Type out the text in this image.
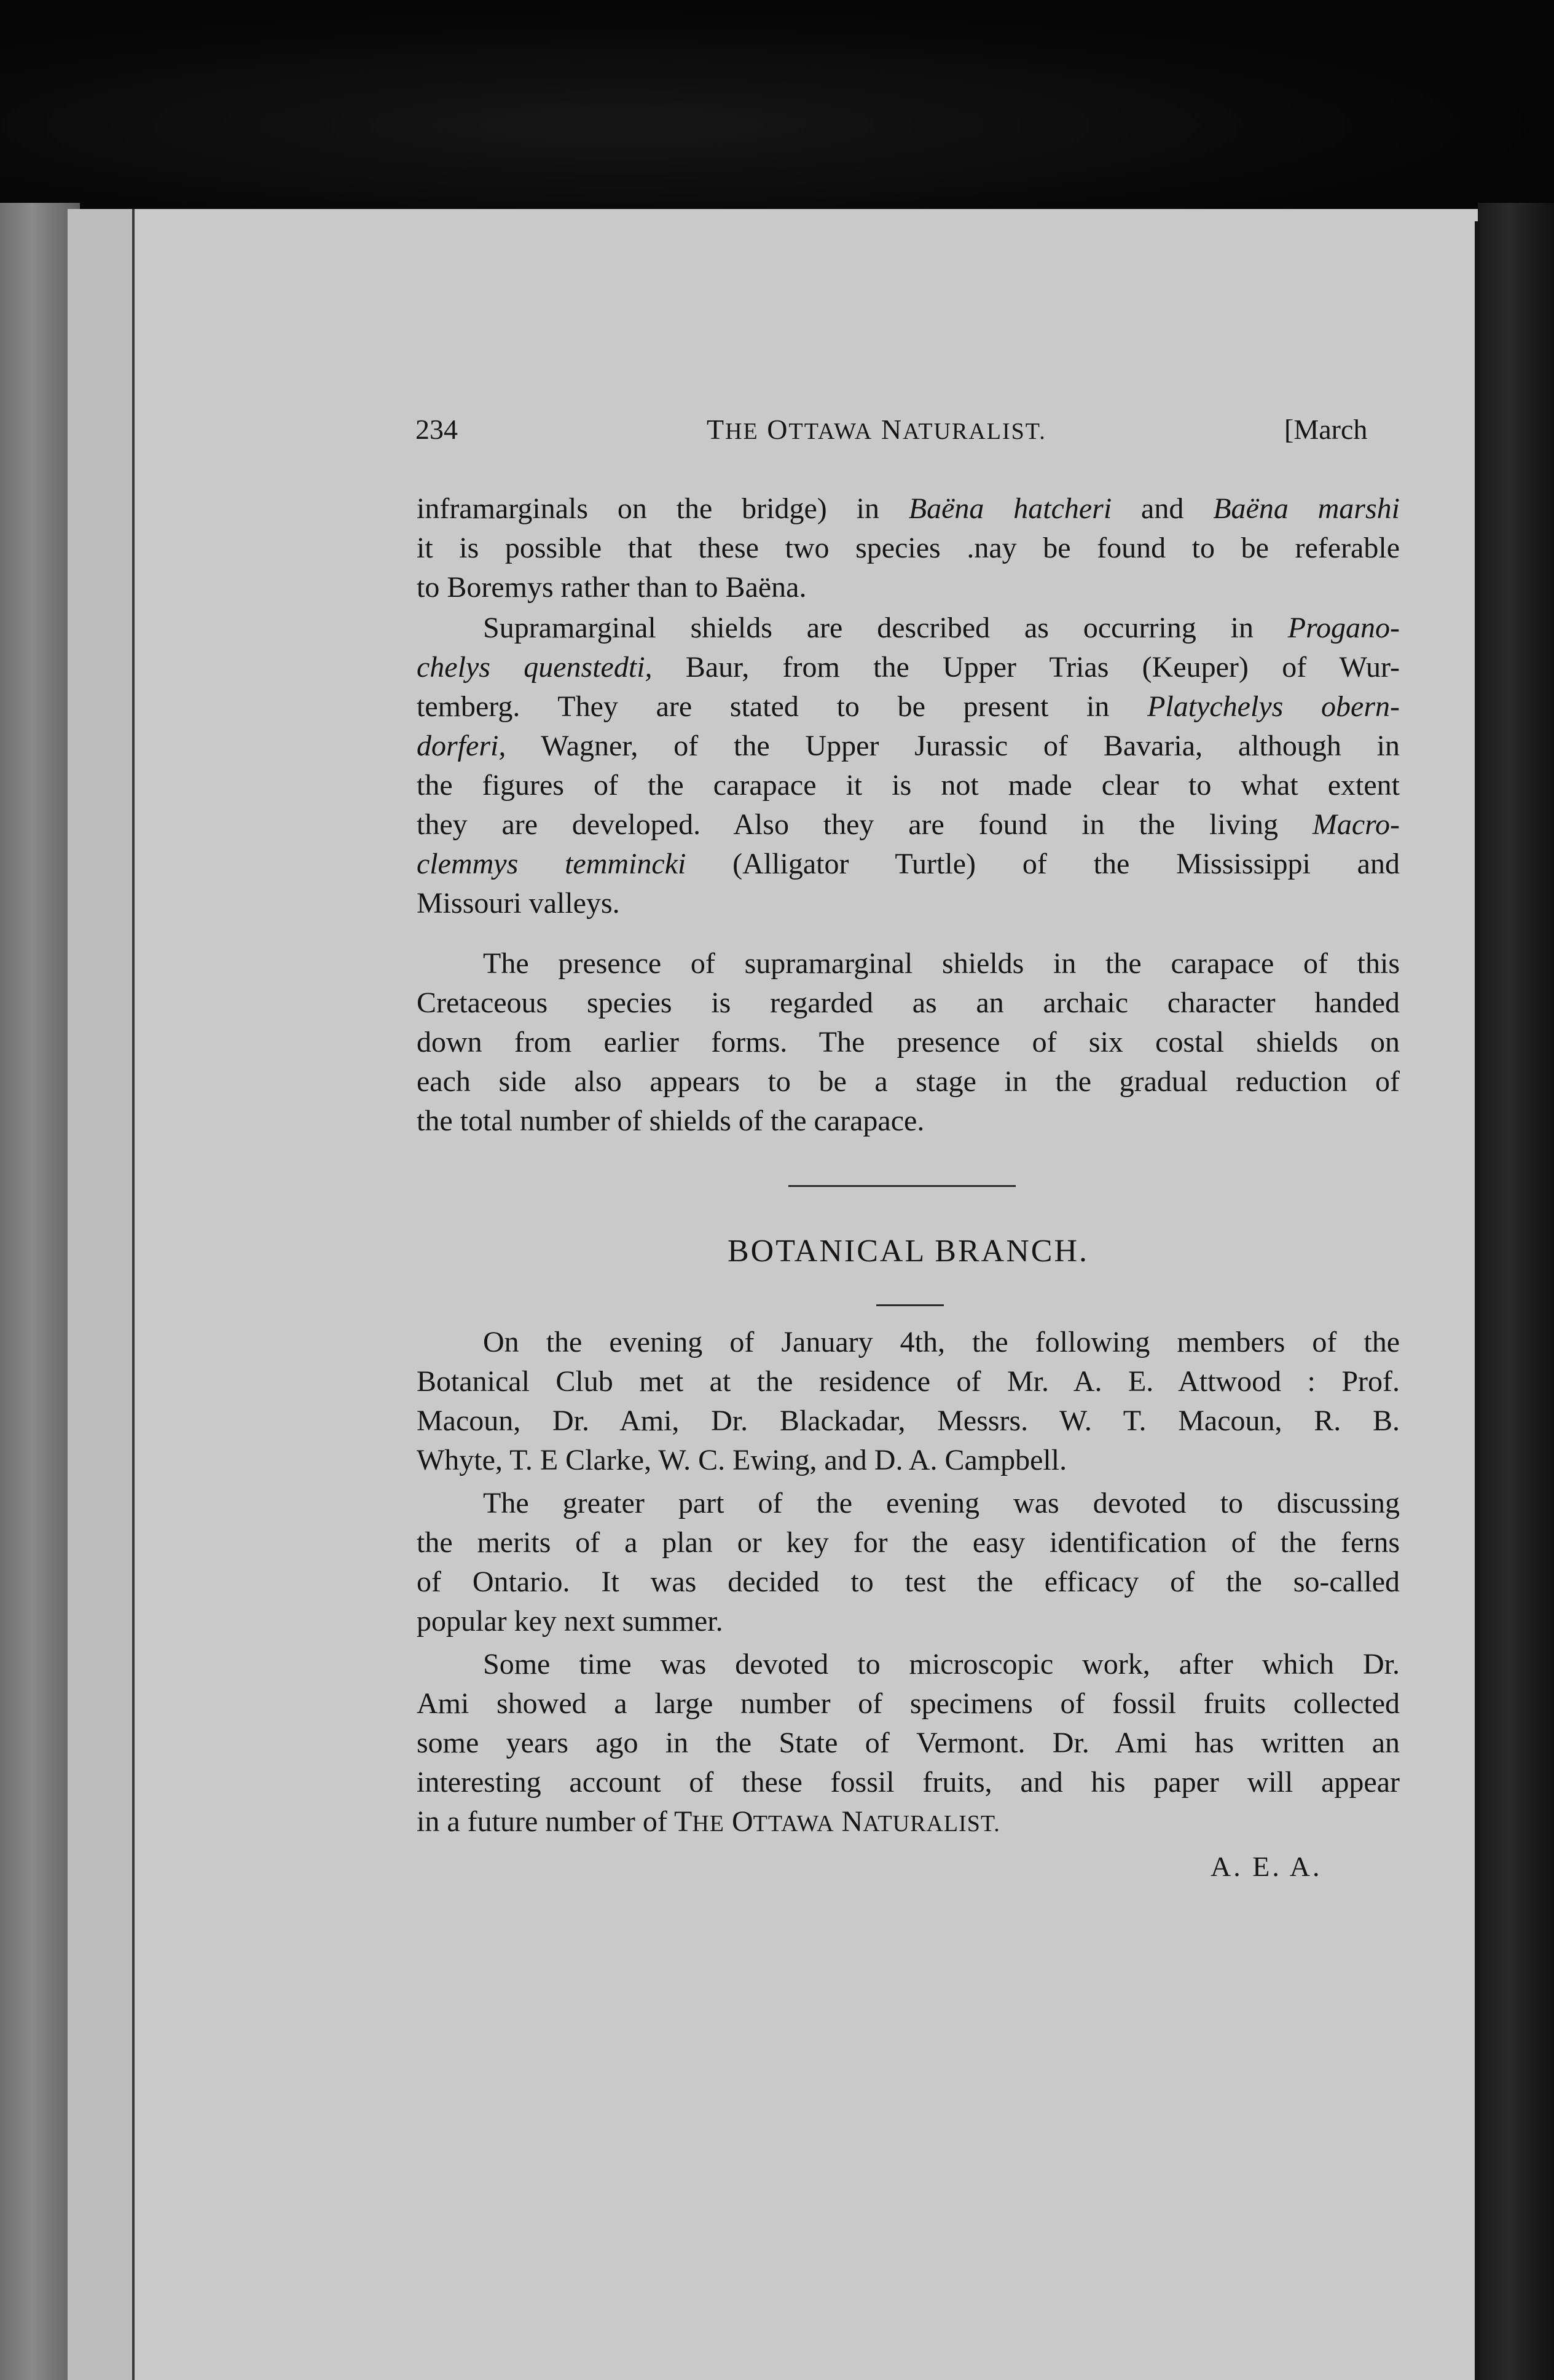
234	THE OTTAWA NATURALIST.	[March
inframarginals on the bridge) in Baëna hatcheri and Baëna marshi
it is possible that these two species .nay be found to be referable
to Boremys rather than to Baëna.
Supramarginal shields are described as occurring in Progano-
chelys quenstedti, Baur, from the Upper Trias (Keuper) of Wur-
temberg. They are stated to be present in Platychelys obern-
dorferi, Wagner, of the Upper Jurassic of Bavaria, although in
the figures of the carapace it is not made clear to what extent
they are developed. Also they are found in the living Macro-
clemmys temmincki (Alligator Turtle) of the Mississippi and
Missouri valleys.
The presence of supramarginal shields in the carapace of this
Cretaceous species is regarded as an archaic character handed
down from earlier forms. The presence of six costal shields on
each side also appears to be a stage in the gradual reduction of
the total number of shields of the carapace.
BOTANICAL BRANCH.
On the evening of January 4th, the following members of the
Botanical Club met at the residence of Mr. A. E. Attwood : Prof.
Macoun, Dr. Ami, Dr. Blackadar, Messrs. W. T. Macoun, R. B.
Whyte, T. E Clarke, W. C. Ewing, and D. A. Campbell.
The greater part of the evening was devoted to discussing
the merits of a plan or key for the easy identification of the ferns
of Ontario. It was decided to test the efficacy of the so-called
popular key next summer.
Some time was devoted to microscopic work, after which Dr.
Ami showed a large number of specimens of fossil fruits collected
some years ago in the State of Vermont. Dr. Ami has written an
interesting account of these fossil fruits, and his paper will appear
in a future number of THE OTTAWA NATURALIST.
A. E. A.
